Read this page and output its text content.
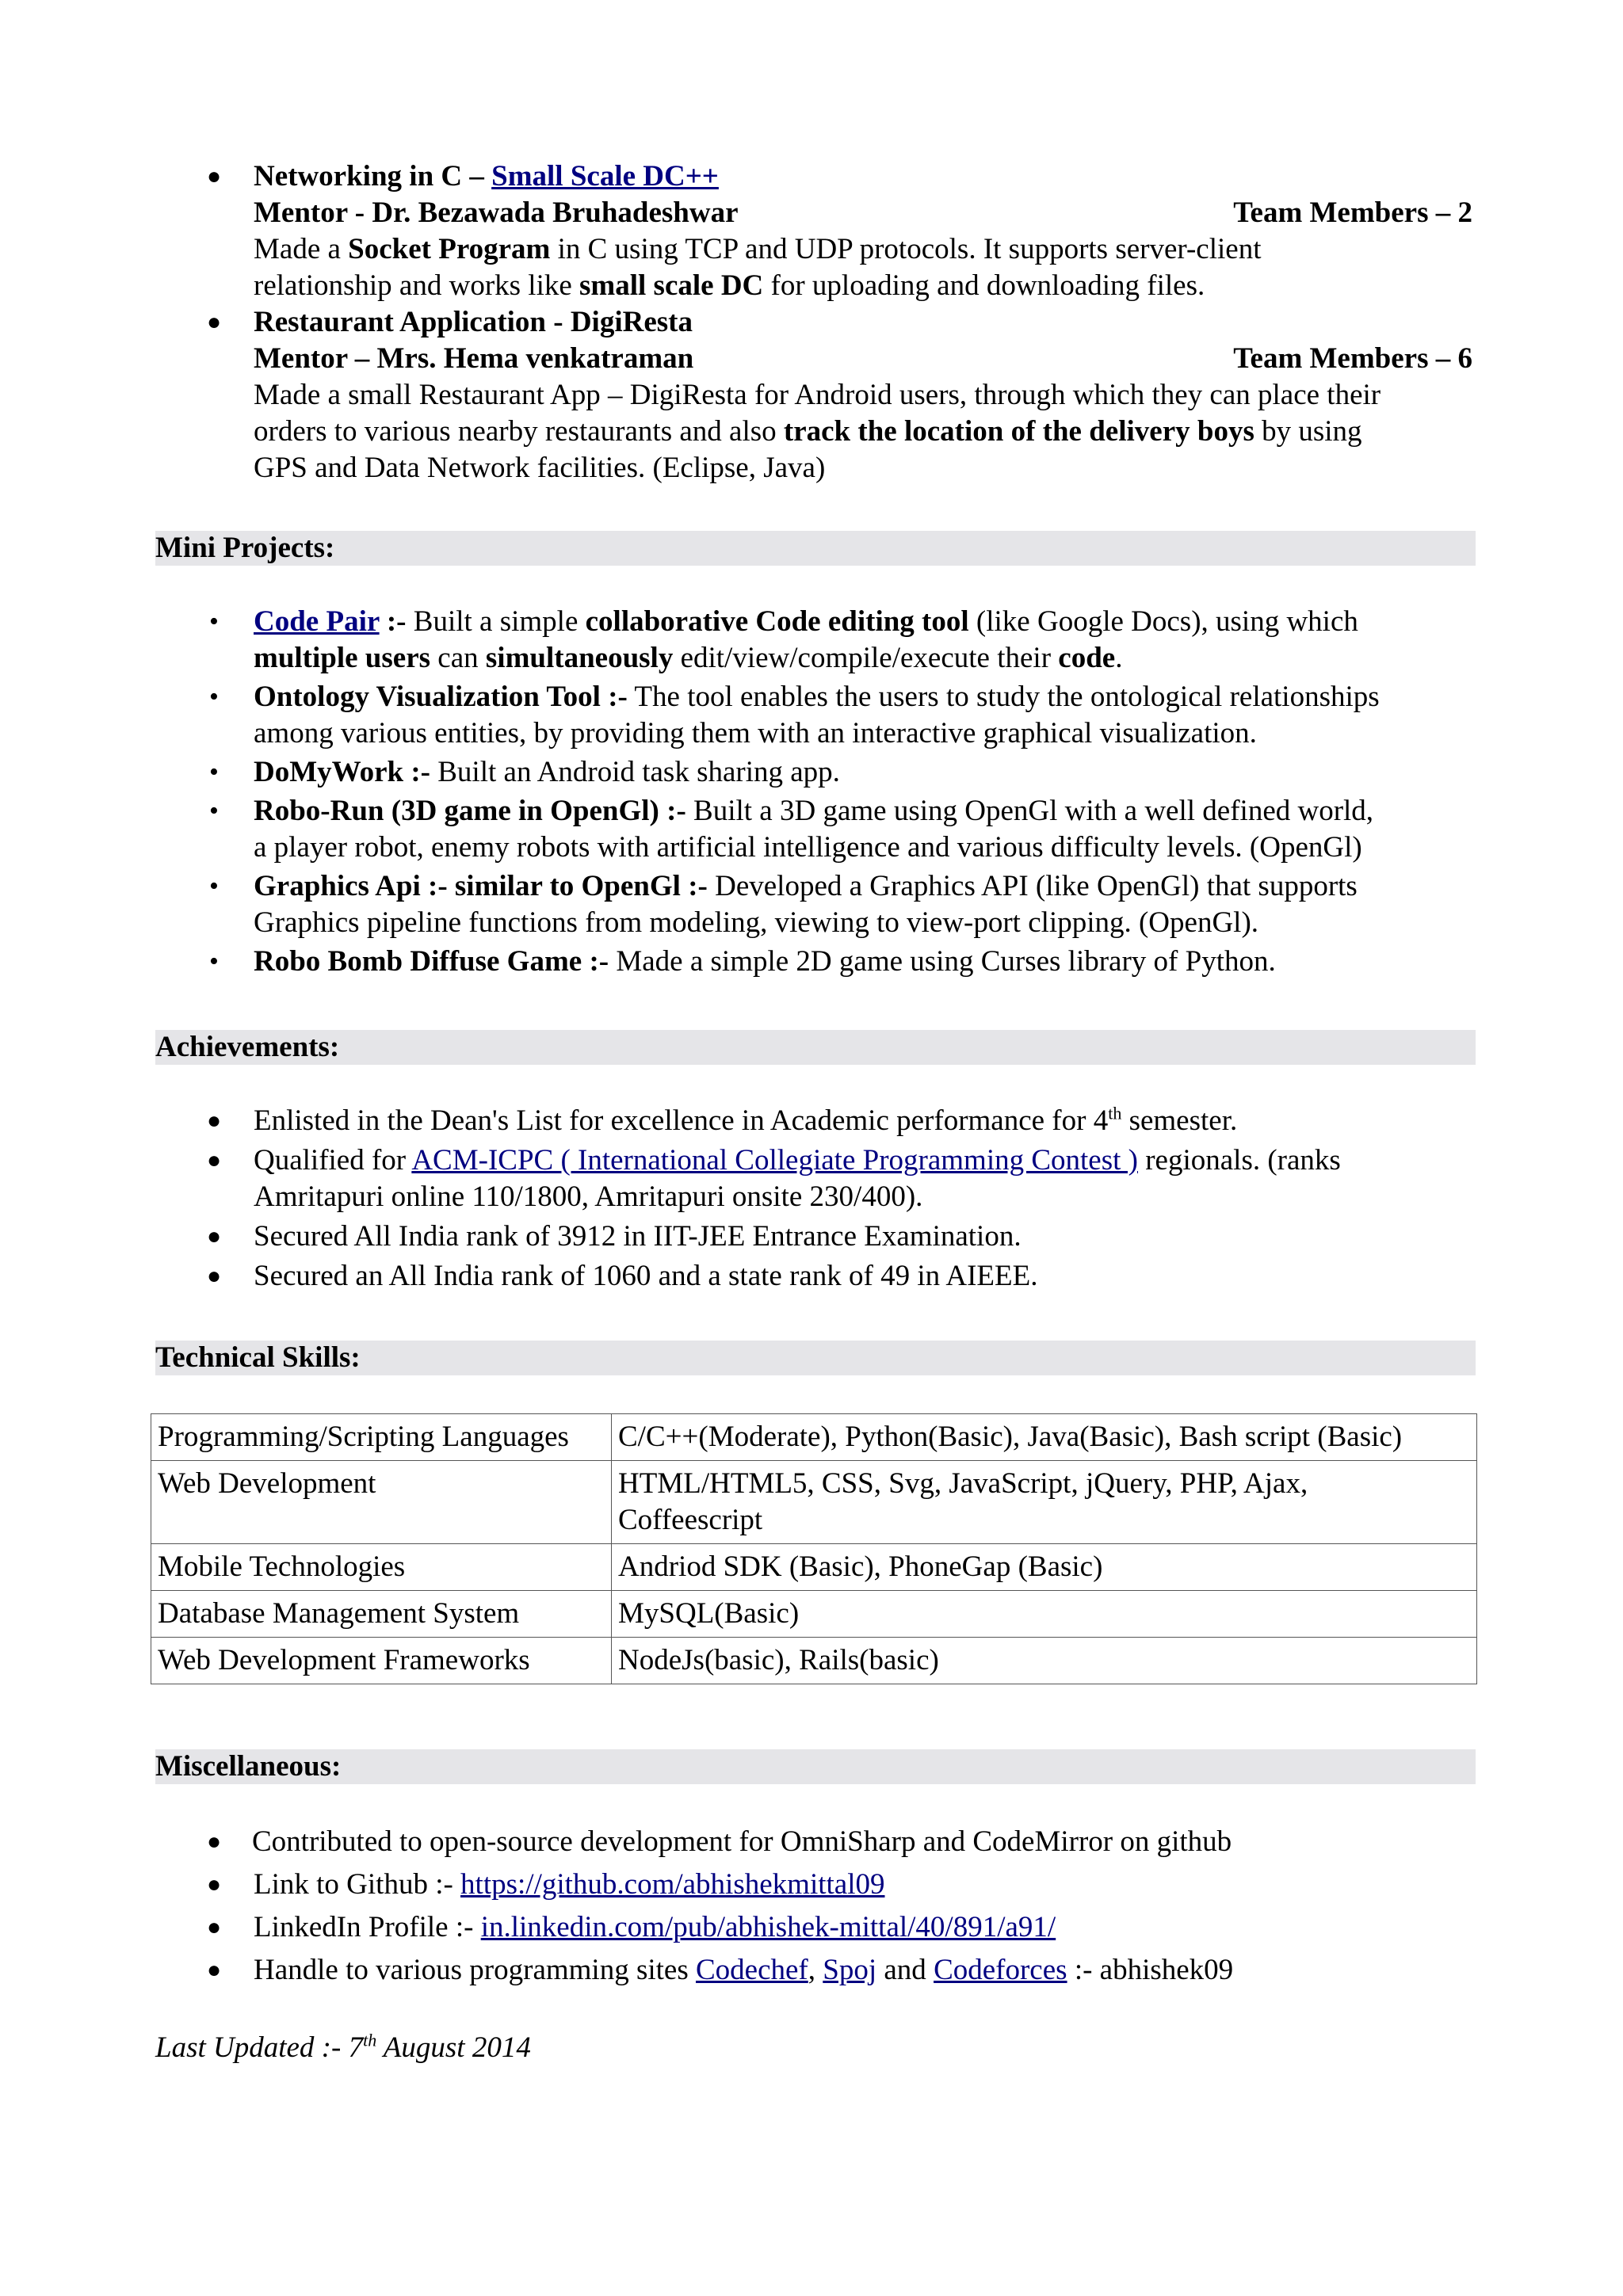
● Networking in C – Small Scale DC++
Mentor - Dr. Bezawada Bruhadeshwar	Team Members – 2
Made a Socket Program in C using TCP and UDP protocols. It supports server-client
relationship and works like small scale DC for uploading and downloading files.
● Restaurant Application - DigiResta
Mentor – Mrs. Hema venkatraman	Team Members – 6
Made a small Restaurant App – DigiResta for Android users, through which they can place their
orders to various nearby restaurants and also track the location of the delivery boys by using
GPS and Data Network facilities. (Eclipse, Java)
Mini Projects:
•	Code Pair :- Built a simple collaborative Code editing tool (like Google Docs), using which
multiple users can simultaneously edit/view/compile/execute their code.
•	Ontology Visualization Tool :- The tool enables the users to study the ontological relationships
among various entities, by providing them with an interactive graphical visualization.
•	DoMyWork :- Built an Android task sharing app.
•	Robo-Run (3D game in OpenGl) :- Built a 3D game using OpenGl with a well defined world,
a player robot, enemy robots with artificial intelligence and various difficulty levels. (OpenGl)
•	Graphics Api :- similar to OpenGl :- Developed a Graphics API (like OpenGl) that supports
Graphics pipeline functions from modeling, viewing to view-port clipping. (OpenGl).
•	Robo Bomb Diffuse Game :- Made a simple 2D game using Curses library of Python.
Achievements:
● Enlisted in the Dean's List for excellence in Academic performance for 4th semester.
● Qualified for ACM-ICPC ( International Collegiate Programming Contest ) regionals. (ranks
Amritapuri online 110/1800, Amritapuri onsite 230/400).
● Secured All India rank of 3912 in IIT-JEE Entrance Examination.
● Secured an All India rank of 1060 and a state rank of 49 in AIEEE.
Technical Skills:
Programming/Scripting Languages	C/C++(Moderate), Python(Basic), Java(Basic), Bash script (Basic)
Web Development	HTML/HTML5, CSS, Svg, JavaScript, jQuery, PHP, Ajax,
Coffeescript

Mobile Technologies	Andriod SDK (Basic), PhoneGap (Basic)
Database Management System	MySQL(Basic)
Web Development Frameworks	NodeJs(basic), Rails(basic)
Miscellaneous:
● Contributed to open-source development for OmniSharp and CodeMirror on github
● Link to Github :- https://github.com/abhishekmittal09
● LinkedIn Profile :- in.linkedin.com/pub/abhishek-mittal/40/891/a91/
● Handle to various programming sites Codechef, Spoj and Codeforces :- abhishek09
Last Updated :- 7th August 2014
